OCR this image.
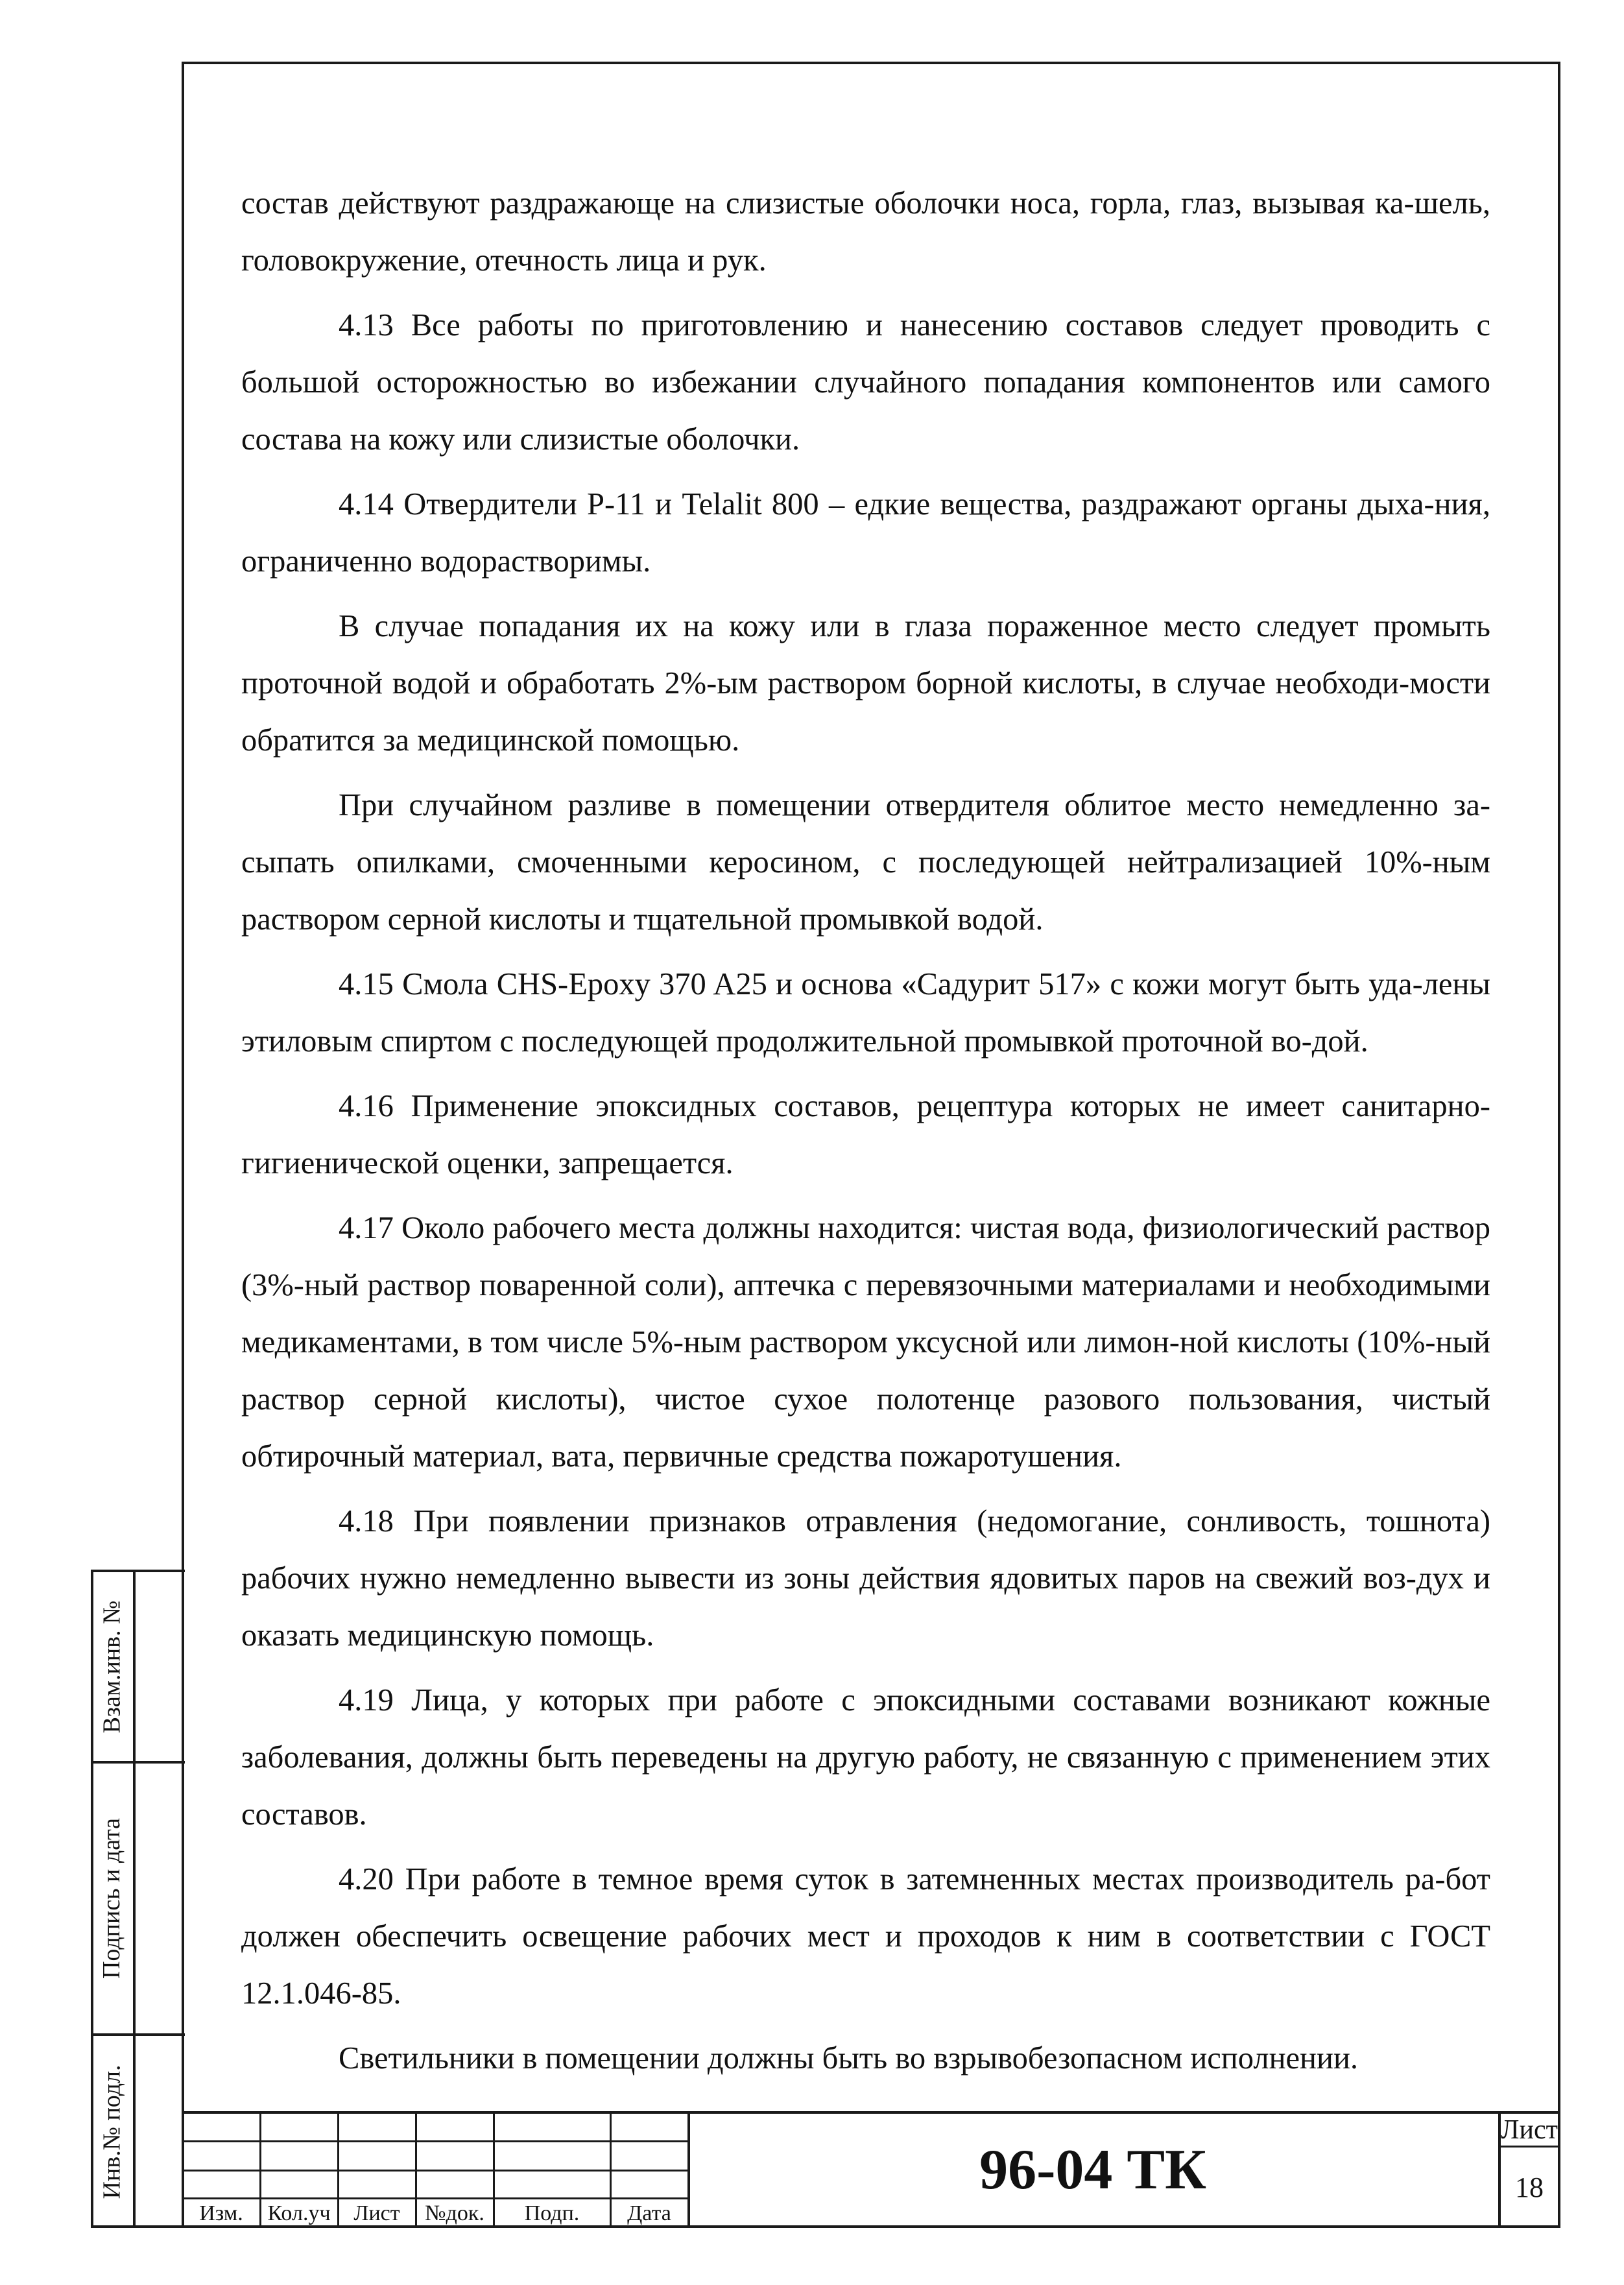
состав действуют раздражающе на слизистые оболочки носа, горла, глаз, вызывая ка-шель, головокружение, отечность лица и рук.

4.13 Все работы по приготовлению и нанесению составов следует проводить с большой осторожностью во избежании случайного попадания компонентов или самого состава на кожу или слизистые оболочки.

4.14 Отвердители Р-11 и Telalit 800 – едкие вещества, раздражают органы дыха-ния, ограниченно водорастворимы.

В случае попадания их на кожу или в глаза пораженное место следует промыть проточной водой и обработать 2%-ым раствором борной кислоты, в случае необходи-мости обратится за медицинской помощью.

При случайном разливе в помещении отвердителя облитое место немедленно за-сыпать опилками, смоченными керосином, с последующей нейтрализацией 10%-ным раствором серной кислоты и тщательной промывкой водой.

4.15 Смола CHS-Epoxy 370 A25 и основа «Садурит 517» с кожи могут быть уда-лены этиловым спиртом с последующей продолжительной промывкой проточной во-дой.

4.16 Применение эпоксидных составов, рецептура которых не имеет санитарно-гигиенической оценки, запрещается.

4.17 Около рабочего места должны находится: чистая вода, физиологический раствор (3%-ный раствор поваренной соли), аптечка с перевязочными материалами и необходимыми медикаментами, в том числе 5%-ным раствором уксусной или лимон-ной кислоты (10%-ный раствор серной кислоты), чистое сухое полотенце разового пользования, чистый обтирочный материал, вата, первичные средства пожаротушения.

4.18 При появлении признаков отравления (недомогание, сонливость, тошнота) рабочих нужно немедленно вывести из зоны действия ядовитых паров на свежий воз-дух и оказать медицинскую помощь.

4.19 Лица, у которых при работе с эпоксидными составами возникают кожные заболевания, должны быть переведены на другую работу, не связанную с применением этих составов.

4.20 При работе в темное время суток в затемненных местах производитель ра-бот должен обеспечить освещение рабочих мест и проходов к ним в соответствии с ГОСТ 12.1.046-85.

Светильники в помещении должны быть во взрывобезопасном исполнении.

Взам.инв. №
Подпись и дата
Инв.№ подл.
Изм.	Кол.уч	Лист	№док.	Подп.	Дата
96-04 ТК
Лист
18
